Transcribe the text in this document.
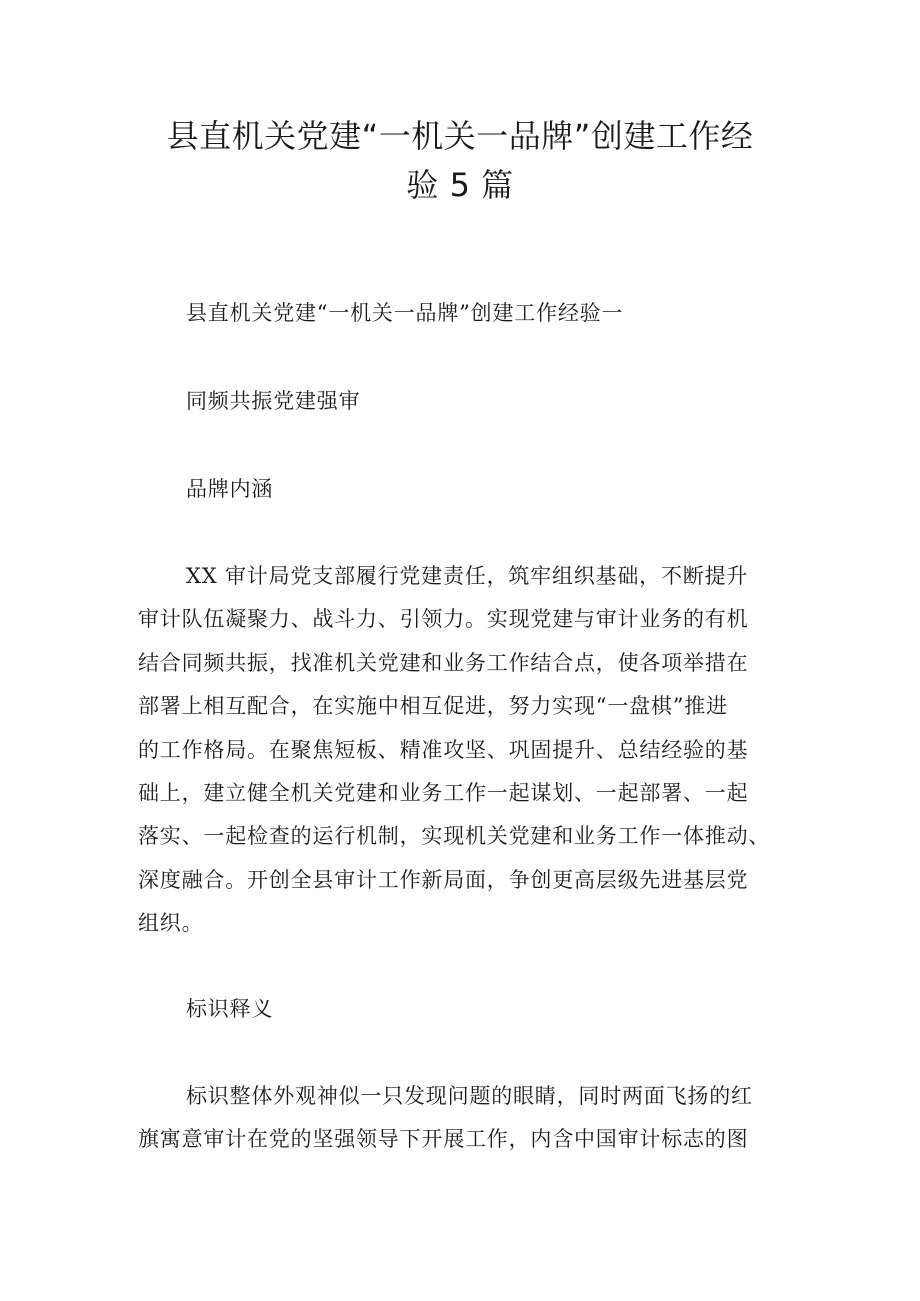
县直机关党建“一机关一品牌”创建工作经
验 5 篇

县直机关党建“一机关一品牌”创建工作经验一

同频共振党建强审

品牌内涵

XX 审计局党支部履行党建责任，筑牢组织基础，不断提升
审计队伍凝聚力、战斗力、引领力。实现党建与审计业务的有机
结合同频共振，找准机关党建和业务工作结合点，使各项举措在
部署上相互配合，在实施中相互促进，努力实现“一盘棋”推进
的工作格局。在聚焦短板、精准攻坚、巩固提升、总结经验的基
础上，建立健全机关党建和业务工作一起谋划、一起部署、一起
落实、一起检查的运行机制，实现机关党建和业务工作一体推动、
深度融合。开创全县审计工作新局面，争创更高层级先进基层党
组织。

标识释义

标识整体外观神似一只发现问题的眼睛，同时两面飞扬的红
旗寓意审计在党的坚强领导下开展工作，内含中国审计标志的图
